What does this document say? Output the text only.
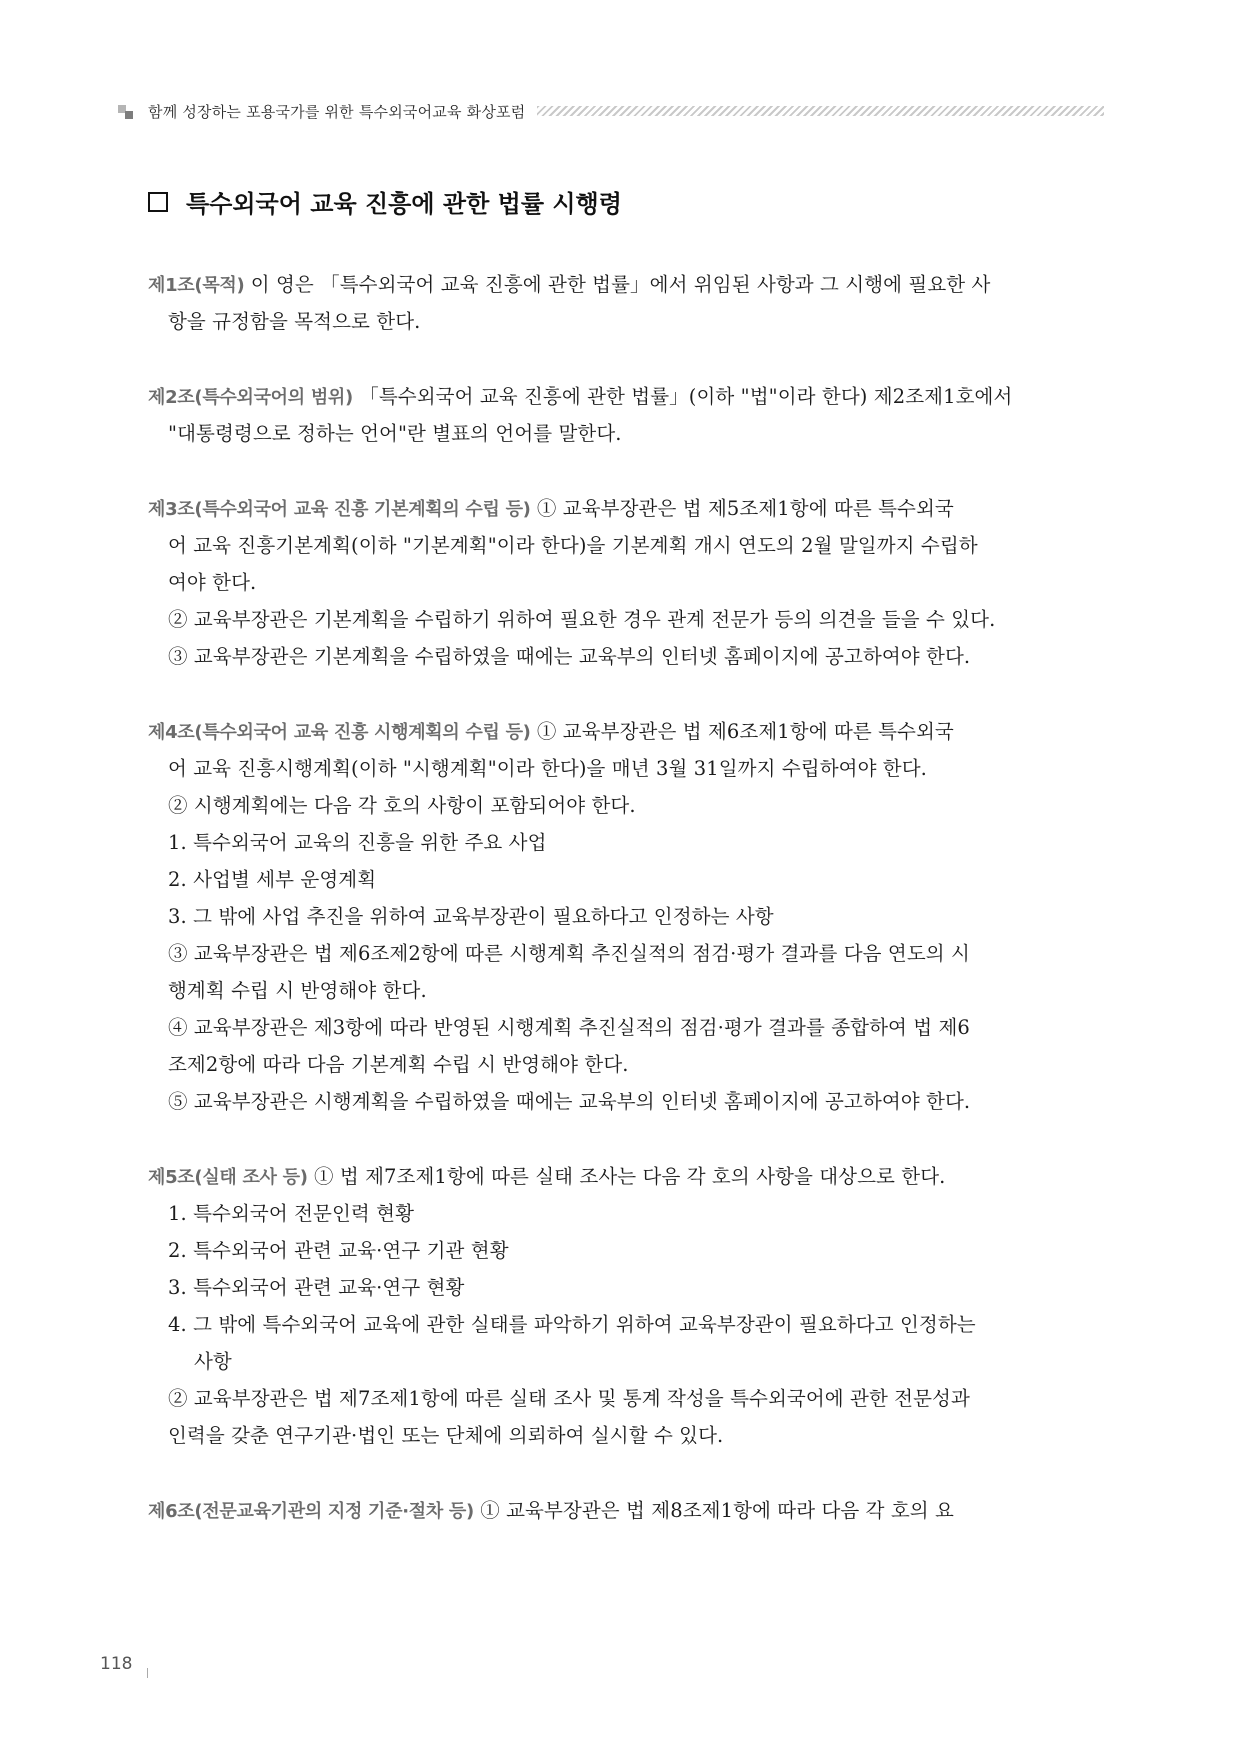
함께 성장하는 포용국가를 위한 특수외국어교육 화상포럼
특수외국어 교육 진흥에 관한 법률 시행령
제1조(목적) 이 영은 「특수외국어 교육 진흥에 관한 법률」에서 위임된 사항과 그 시행에 필요한 사
항을 규정함을 목적으로 한다.
제2조(특수외국어의 범위) 「특수외국어 교육 진흥에 관한 법률」(이하 "법"이라 한다) 제2조제1호에서
"대통령령으로 정하는 언어"란 별표의 언어를 말한다.
제3조(특수외국어 교육 진흥 기본계획의 수립 등) ① 교육부장관은 법 제5조제1항에 따른 특수외국
어 교육 진흥기본계획(이하 "기본계획"이라 한다)을 기본계획 개시 연도의 2월 말일까지 수립하
여야 한다.
② 교육부장관은 기본계획을 수립하기 위하여 필요한 경우 관계 전문가 등의 의견을 들을 수 있다.
③ 교육부장관은 기본계획을 수립하였을 때에는 교육부의 인터넷 홈페이지에 공고하여야 한다.
제4조(특수외국어 교육 진흥 시행계획의 수립 등) ① 교육부장관은 법 제6조제1항에 따른 특수외국
어 교육 진흥시행계획(이하 "시행계획"이라 한다)을 매년 3월 31일까지 수립하여야 한다.
② 시행계획에는 다음 각 호의 사항이 포함되어야 한다.
1. 특수외국어 교육의 진흥을 위한 주요 사업
2. 사업별 세부 운영계획
3. 그 밖에 사업 추진을 위하여 교육부장관이 필요하다고 인정하는 사항
③ 교육부장관은 법 제6조제2항에 따른 시행계획 추진실적의 점검·평가 결과를 다음 연도의 시
행계획 수립 시 반영해야 한다.
④ 교육부장관은 제3항에 따라 반영된 시행계획 추진실적의 점검·평가 결과를 종합하여 법 제6
조제2항에 따라 다음 기본계획 수립 시 반영해야 한다.
⑤ 교육부장관은 시행계획을 수립하였을 때에는 교육부의 인터넷 홈페이지에 공고하여야 한다.
제5조(실태 조사 등) ① 법 제7조제1항에 따른 실태 조사는 다음 각 호의 사항을 대상으로 한다.
1. 특수외국어 전문인력 현황
2. 특수외국어 관련 교육·연구 기관 현황
3. 특수외국어 관련 교육·연구 현황
4. 그 밖에 특수외국어 교육에 관한 실태를 파악하기 위하여 교육부장관이 필요하다고 인정하는
사항
② 교육부장관은 법 제7조제1항에 따른 실태 조사 및 통계 작성을 특수외국어에 관한 전문성과
인력을 갖춘 연구기관·법인 또는 단체에 의뢰하여 실시할 수 있다.
제6조(전문교육기관의 지정 기준·절차 등) ① 교육부장관은 법 제8조제1항에 따라 다음 각 호의 요
118
